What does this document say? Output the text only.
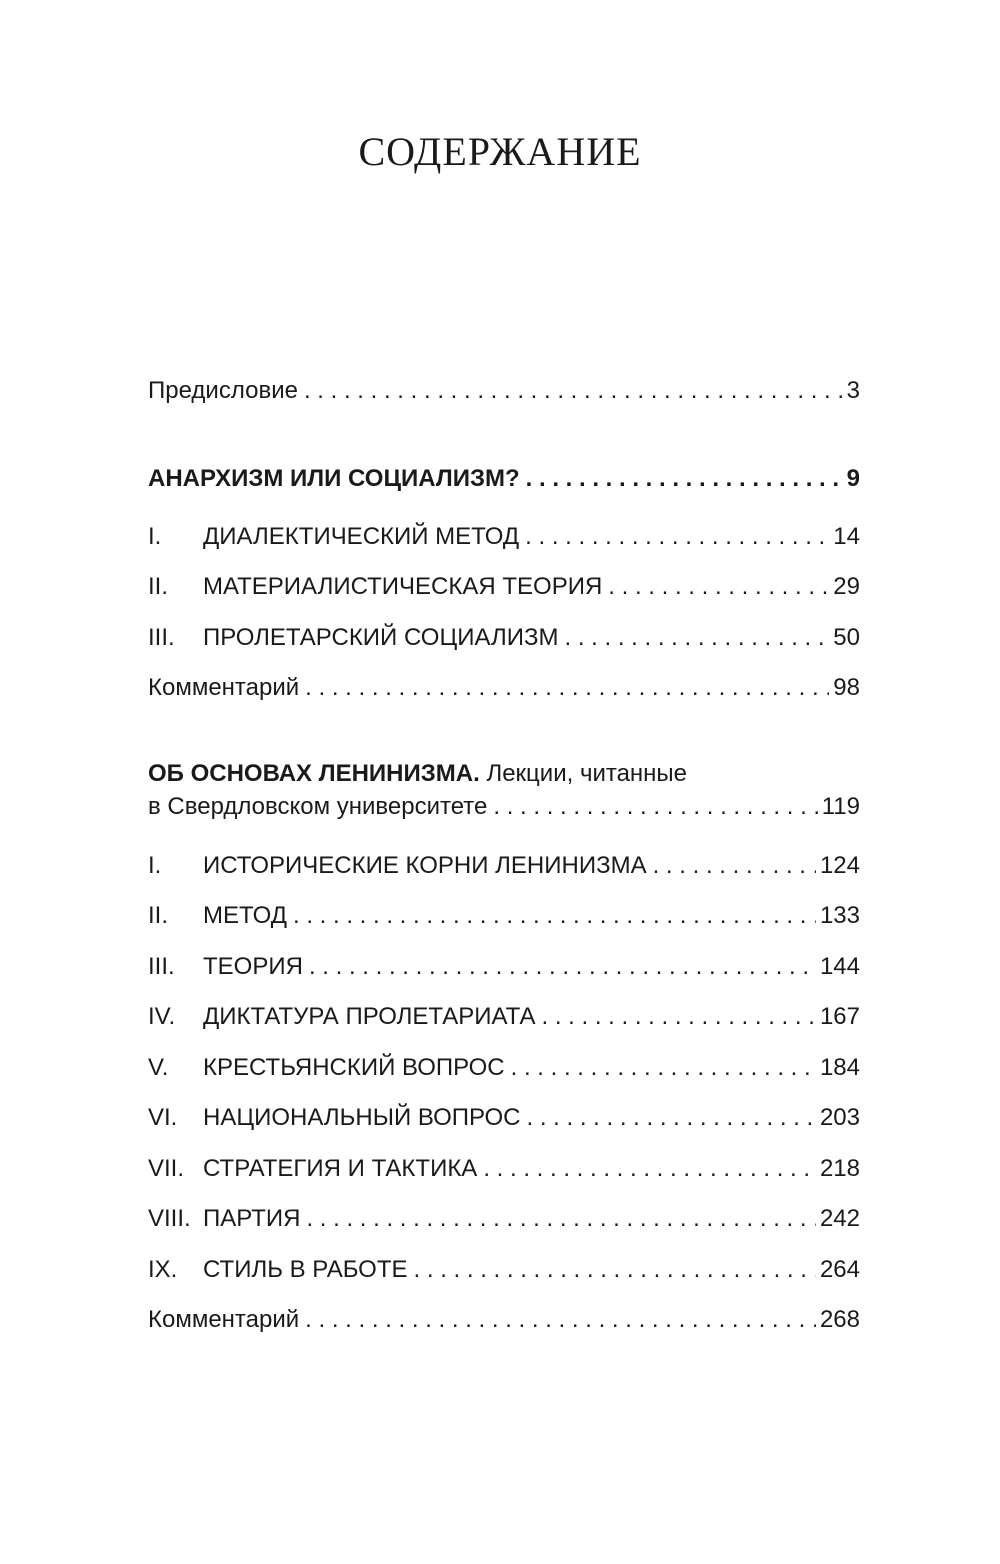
СОДЕРЖАНИЕ
Предисловие . . .	3
АНАРХИЗМ ИЛИ СОЦИАЛИЗМ? . . .	9
I.	ДИАЛЕКТИЧЕСКИЙ МЕТОД . . .	14
II.	МАТЕРИАЛИСТИЧЕСКАЯ ТЕОРИЯ . . .	29
III.	ПРОЛЕТАРСКИЙ СОЦИАЛИЗМ . . .	50
Комментарий . . .	98
ОБ ОСНОВАХ ЛЕНИНИЗМА. Лекции, читанные
в Свердловском университете . . .	119
I.	ИСТОРИЧЕСКИЕ КОРНИ ЛЕНИНИЗМА . . .	124
II.	МЕТОД . . .	133
III.	ТЕОРИЯ . . .	144
IV.	ДИКТАТУРА ПРОЛЕТАРИАТА . . .	167
V.	КРЕСТЬЯНСКИЙ ВОПРОС . . .	184
VI.	НАЦИОНАЛЬНЫЙ ВОПРОС . . .	203
VII. СТРАТЕГИЯ И ТАКТИКА . . .	218
VIII. ПАРТИЯ . . .	242
IX.	СТИЛЬ В РАБОТЕ . . .	264
Комментарий . . .	268
